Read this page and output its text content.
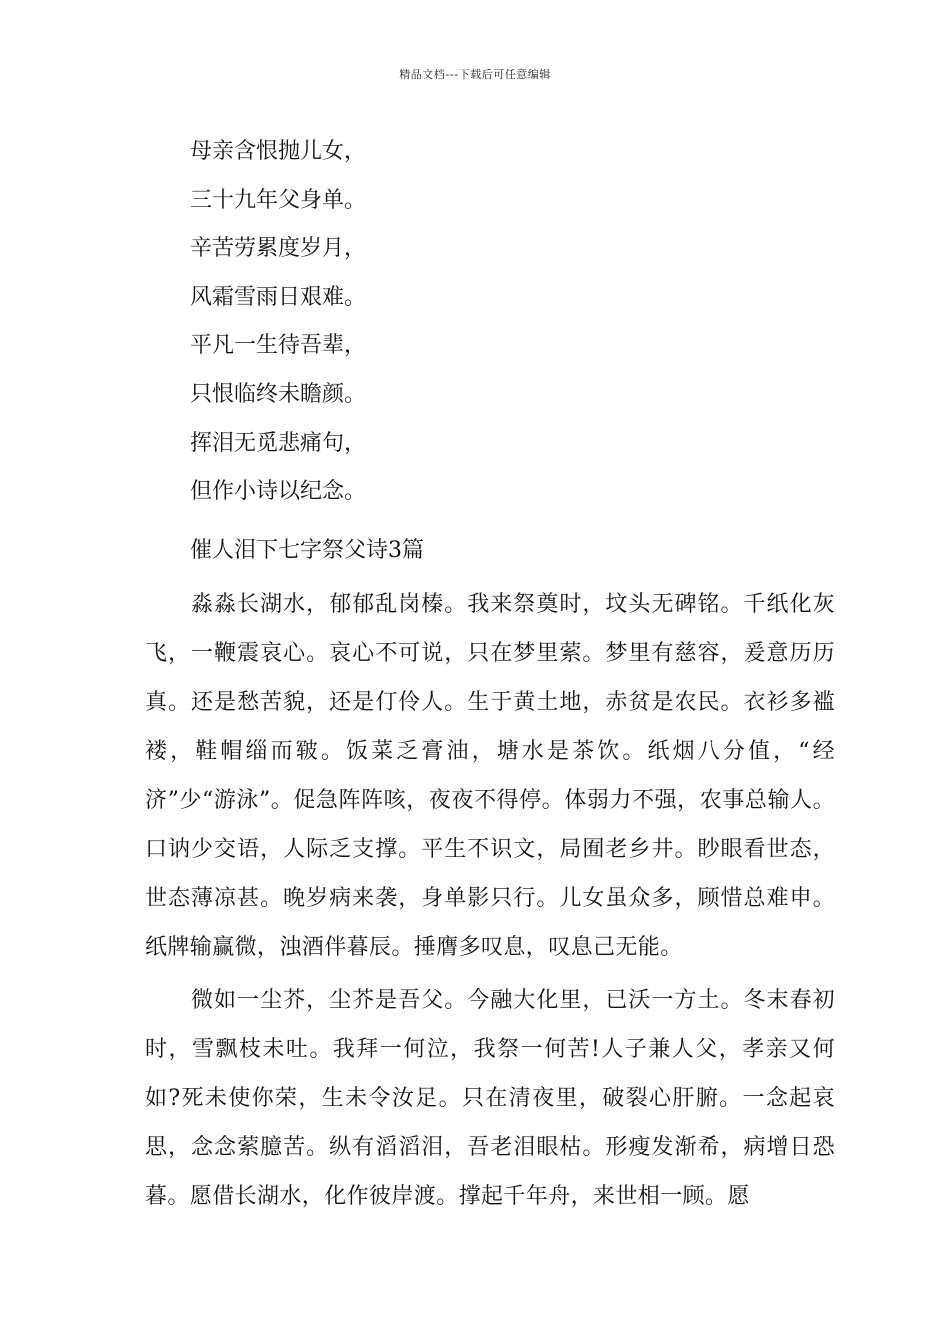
精品文档---下载后可任意编辑
母亲含恨抛儿女，
三十九年父身单。
辛苦劳累度岁月，
风霜雪雨日艰难。
平凡一生待吾辈，
只恨临终未瞻颜。
挥泪无觅悲痛句，
但作小诗以纪念。
催人泪下七字祭父诗3篇

淼淼长湖水，郁郁乱岗榛。我来祭奠时，坟头无碑铭。千纸化灰飞，一鞭震哀心。哀心不可说，只在梦里萦。梦里有慈容，爰意历历真。还是愁苦貌，还是仃伶人。生于黄土地，赤贫是农民。衣衫多褴褛，鞋帽缁而皲。饭菜乏膏油，塘水是茶饮。纸烟八分值，“经济”少“游泳”。促急阵阵咳，夜夜不得停。体弱力不强，农事总输人。口讷少交语，人际乏支撑。平生不识文，局囿老乡井。眇眼看世态，世态薄凉甚。晚岁病来袭，身单影只行。儿女虽众多，顾惜总难申。纸牌输赢微，浊酒伴暮辰。捶膺多叹息，叹息己无能。

微如一尘芥，尘芥是吾父。今融大化里，已沃一方土。冬末春初时，雪飘枝未吐。我拜一何泣，我祭一何苦!人子兼人父，孝亲又何如?死未使你荣，生未令汝足。只在清夜里，破裂心肝腑。一念起哀思，念念萦臆苦。纵有滔滔泪，吾老泪眼枯。形瘦发渐希，病增日恐暮。愿借长湖水，化作彼岸渡。撑起千年舟，来世相一顾。愿
